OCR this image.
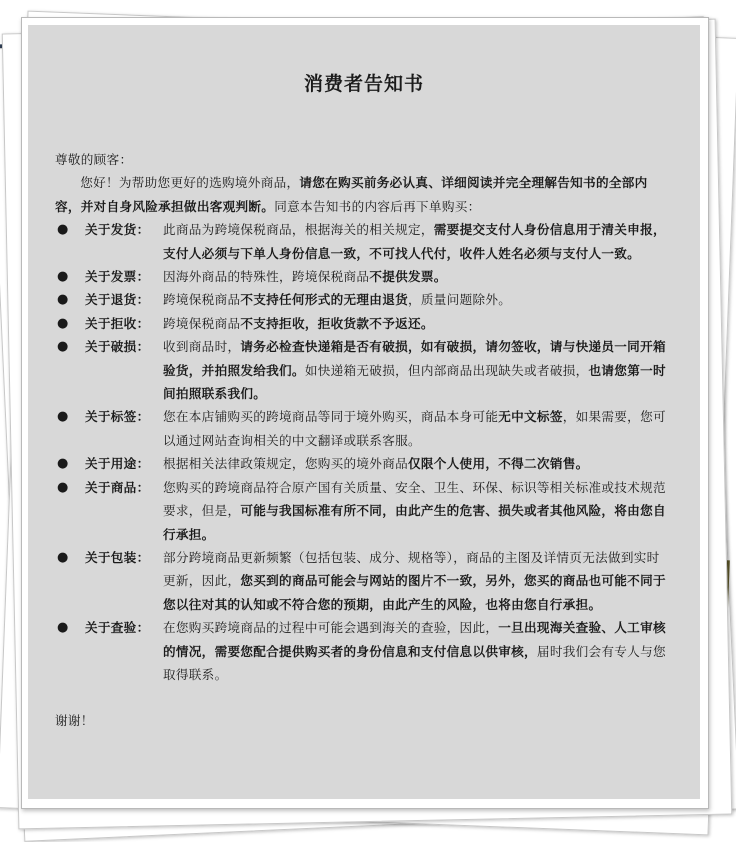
消费者告知书

尊敬的顾客：

您好！为帮助您更好的选购境外商品，请您在购买前务必认真、详细阅读并完全理解告知书的全部内容，并对自身风险承担做出客观判断。同意本告知书的内容后再下单购买：

● 关于发货： 此商品为跨境保税商品，根据海关的相关规定，需要提交支付人身份信息用于清关申报，支付人必须与下单人身份信息一致，不可找人代付，收件人姓名必须与支付人一致。

● 关于发票： 因海外商品的特殊性，跨境保税商品不提供发票。

● 关于退货： 跨境保税商品不支持任何形式的无理由退货，质量问题除外。

● 关于拒收： 跨境保税商品不支持拒收，拒收货款不予返还。

● 关于破损： 收到商品时，请务必检查快递箱是否有破损，如有破损，请勿签收，请与快递员一同开箱验货，并拍照发给我们。如快递箱无破损，但内部商品出现缺失或者破损，也请您第一时间拍照联系我们。

● 关于标签： 您在本店铺购买的跨境商品等同于境外购买，商品本身可能无中文标签，如果需要，您可以通过网站查询相关的中文翻译或联系客服。

● 关于用途： 根据相关法律政策规定，您购买的境外商品仅限个人使用，不得二次销售。

● 关于商品： 您购买的跨境商品符合原产国有关质量、安全、卫生、环保、标识等相关标准或技术规范要求，但是，可能与我国标准有所不同，由此产生的危害、损失或者其他风险，将由您自行承担。

● 关于包装： 部分跨境商品更新频繁（包括包装、成分、规格等），商品的主图及详情页无法做到实时更新，因此，您买到的商品可能会与网站的图片不一致，另外，您买的商品也可能不同于您以往对其的认知或不符合您的预期，由此产生的风险，也将由您自行承担。

● 关于查验： 在您购买跨境商品的过程中可能会遇到海关的查验，因此，一旦出现海关查验、人工审核的情况，需要您配合提供购买者的身份信息和支付信息以供审核，届时我们会有专人与您取得联系。

谢谢！
